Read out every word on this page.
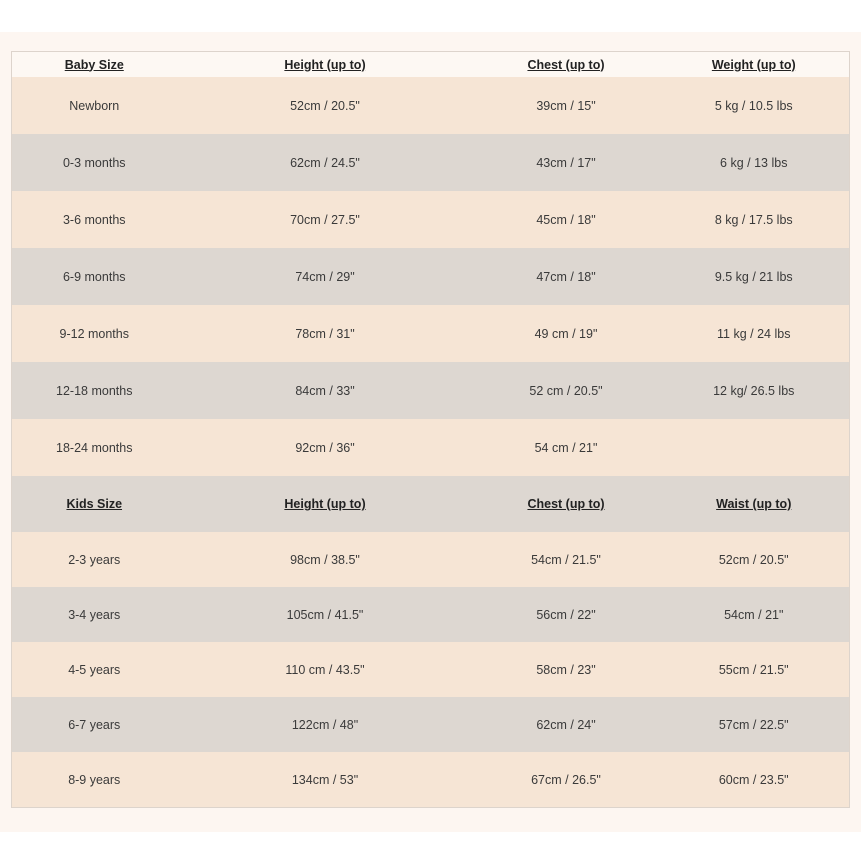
Baby Size	Height (up to)	Chest (up to)	Weight (up to)
Newborn	52cm / 20.5"	39cm / 15"	5 kg / 10.5 lbs
0-3 months	62cm / 24.5"	43cm / 17"	6 kg / 13 lbs
3-6 months	70cm / 27.5"	45cm / 18"	8 kg / 17.5 lbs
6-9 months	74cm / 29"	47cm / 18"	9.5 kg / 21 lbs
9-12 months	78cm / 31"	49 cm / 19"	11 kg / 24 lbs
12-18 months	84cm / 33"	52 cm / 20.5"	12 kg/ 26.5 lbs
18-24 months	92cm / 36"	54 cm / 21"	
Kids Size	Height (up to)	Chest (up to)	Waist (up to)
2-3 years	98cm / 38.5"	54cm / 21.5"	52cm / 20.5"
3-4 years	105cm / 41.5"	56cm / 22"	54cm / 21"
4-5 years	110 cm / 43.5"	58cm / 23"	55cm / 21.5"
6-7 years	122cm / 48"	62cm / 24"	57cm / 22.5"
8-9 years	134cm / 53"	67cm / 26.5"	60cm / 23.5"
